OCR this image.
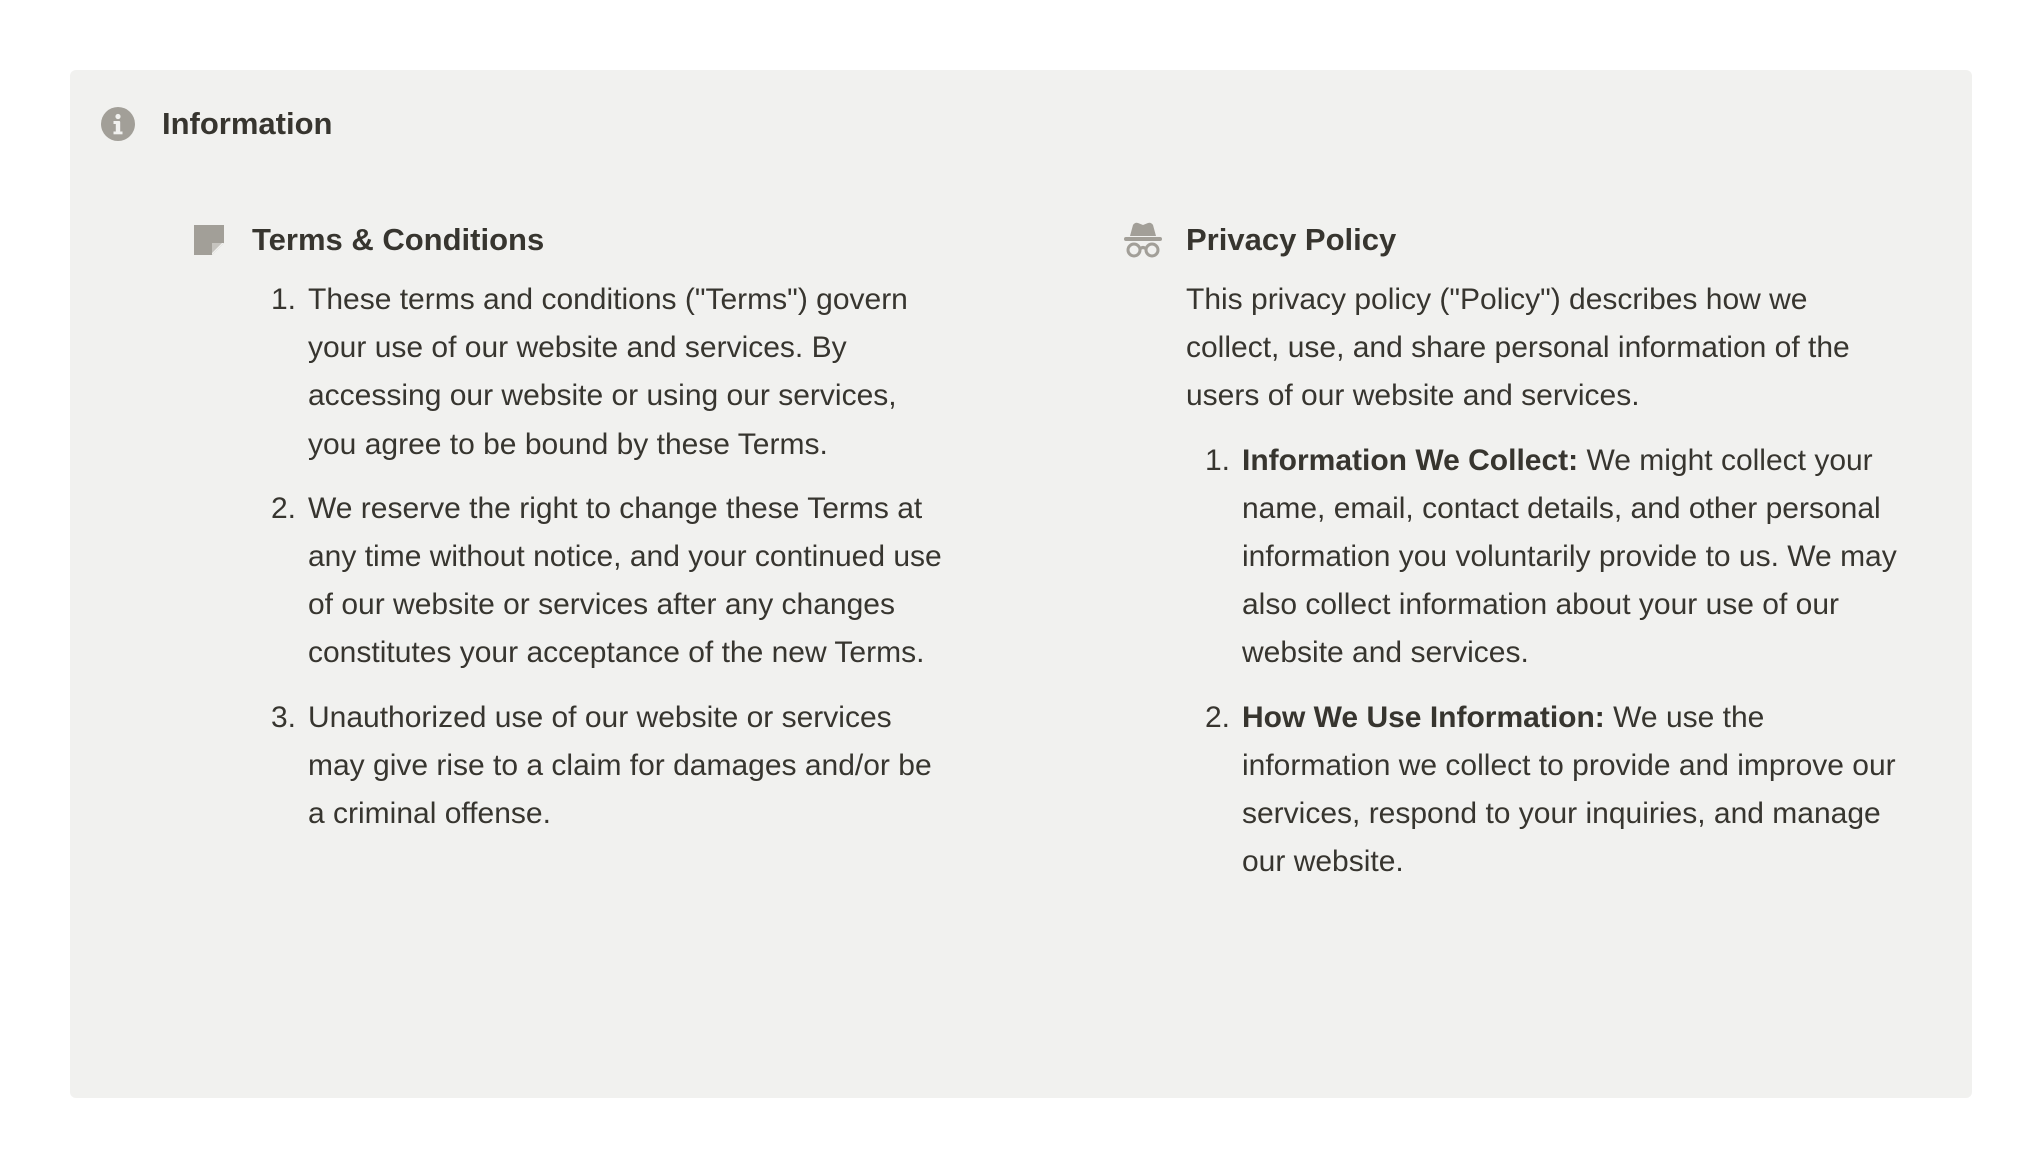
Information
Terms & Conditions
1. These terms and conditions ("Terms") govern your use of our website and services. By accessing our website or using our services, you agree to be bound by these Terms.
2. We reserve the right to change these Terms at any time without notice, and your continued use of our website or services after any changes constitutes your acceptance of the new Terms.
3. Unauthorized use of our website or services may give rise to a claim for damages and/or be a criminal offense.
Privacy Policy
This privacy policy ("Policy") describes how we collect, use, and share personal information of the users of our website and services.
1. Information We Collect: We might collect your name, email, contact details, and other personal information you voluntarily provide to us. We may also collect information about your use of our website and services.
2. How We Use Information: We use the information we collect to provide and improve our services, respond to your inquiries, and manage our website.
